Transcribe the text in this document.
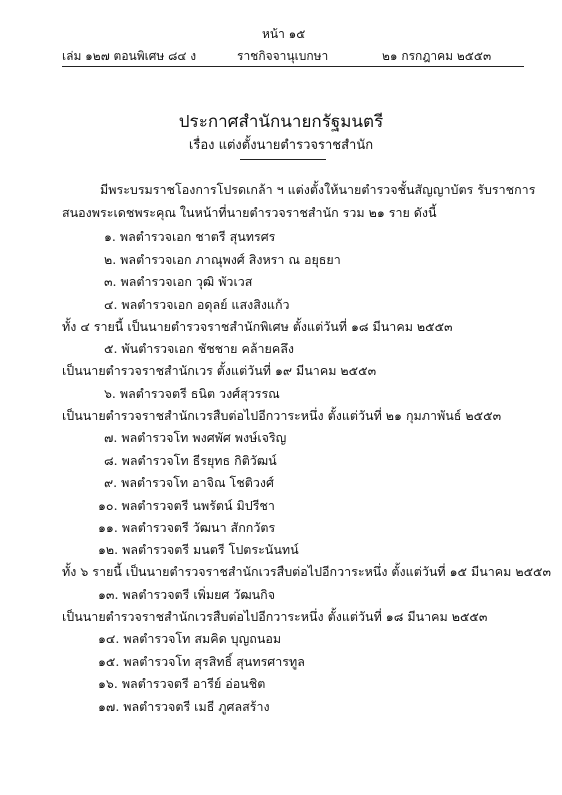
หน้า ๑๕
เล่ม ๑๒๗ ตอนพิเศษ ๘๔ ง	ราชกิจจานุเบกษา	๒๑ กรกฎาคม ๒๕๕๓
ประกาศสำนักนายกรัฐมนตรี
เรื่อง แต่งตั้งนายตำรวจราชสำนัก
มีพระบรมราชโองการโปรดเกล้า ฯ แต่งตั้งให้นายตำรวจชั้นสัญญาบัตร รับราชการ
สนองพระเดชพระคุณ ในหน้าที่นายตำรวจราชสำนัก รวม ๒๑ ราย ดังนี้
๑. พลตำรวจเอก ชาตรี สุนทรศร
๒. พลตำรวจเอก ภาณุพงศ์ สิงหรา ณ อยุธยา
๓. พลตำรวจเอก วุฒิ พัวเวส
๔. พลตำรวจเอก อดุลย์ แสงสิงแก้ว
ทั้ง ๔ รายนี้ เป็นนายตำรวจราชสำนักพิเศษ ตั้งแต่วันที่ ๑๘ มีนาคม ๒๕๕๓
๕. พันตำรวจเอก ชัชชาย คล้ายคลึง
เป็นนายตำรวจราชสำนักเวร ตั้งแต่วันที่ ๑๙ มีนาคม ๒๕๕๓
๖. พลตำรวจตรี ธนิต วงศ์สุวรรณ
เป็นนายตำรวจราชสำนักเวรสืบต่อไปอีกวาระหนึ่ง ตั้งแต่วันที่ ๒๑ กุมภาพันธ์ ๒๕๕๓
๗. พลตำรวจโท พงศพัศ พงษ์เจริญ
๘. พลตำรวจโท ธีรยุทธ กิติวัฒน์
๙. พลตำรวจโท อาจิณ โชติวงศ์
๑๐. พลตำรวจตรี นพรัตน์ มิปรีชา
๑๑. พลตำรวจตรี วัฒนา สักกวัตร
๑๒. พลตำรวจตรี มนตรี โปตระนันทน์
ทั้ง ๖ รายนี้ เป็นนายตำรวจราชสำนักเวรสืบต่อไปอีกวาระหนึ่ง ตั้งแต่วันที่ ๑๕ มีนาคม ๒๕๕๓
๑๓. พลตำรวจตรี เพิ่มยศ วัฒนกิจ
เป็นนายตำรวจราชสำนักเวรสืบต่อไปอีกวาระหนึ่ง ตั้งแต่วันที่ ๑๘ มีนาคม ๒๕๕๓
๑๔. พลตำรวจโท สมคิด บุญถนอม
๑๕. พลตำรวจโท สุรสิทธิ์ สุนทรศารทูล
๑๖. พลตำรวจตรี อารีย์ อ่อนชิต
๑๗. พลตำรวจตรี เมธี ภูศลสร้าง
